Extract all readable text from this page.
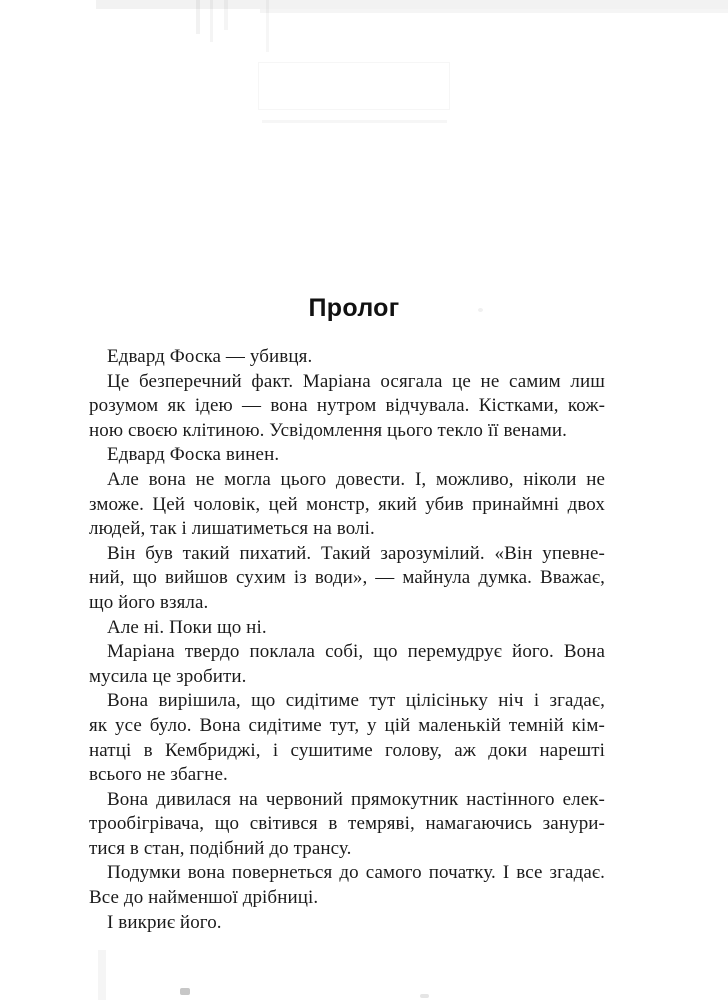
Пролог
Едвард Фоска — убивця.
Це безперечний факт. Маріана осягала це не самим лиш
розумом як ідею — вона нутром відчувала. Кістками, кож-
ною своєю клітиною. Усвідомлення цього текло її венами.
Едвард Фоска винен.
Але вона не могла цього довести. І, можливо, ніколи не
зможе. Цей чоловік, цей монстр, який убив принаймні двох
людей, так і лишатиметься на волі.
Він був такий пихатий. Такий зарозумілий. «Він упевне-
ний, що вийшов сухим із води», — майнула думка. Вважає,
що його взяла.
Але ні. Поки що ні.
Маріана твердо поклала собі, що перемудрує його. Вона
мусила це зробити.
Вона вирішила, що сидітиме тут цілісіньку ніч і згадає,
як усе було. Вона сидітиме тут, у цій маленькій темній кім-
натці в Кембриджі, і сушитиме голову, аж доки нарешті
всього не збагне.
Вона дивилася на червоний прямокутник настінного елек-
трообігрівача, що світився в темряві, намагаючись занури-
тися в стан, подібний до трансу.
Подумки вона повернеться до самого початку. І все згадає.
Все до найменшої дрібниці.
І викриє його.
